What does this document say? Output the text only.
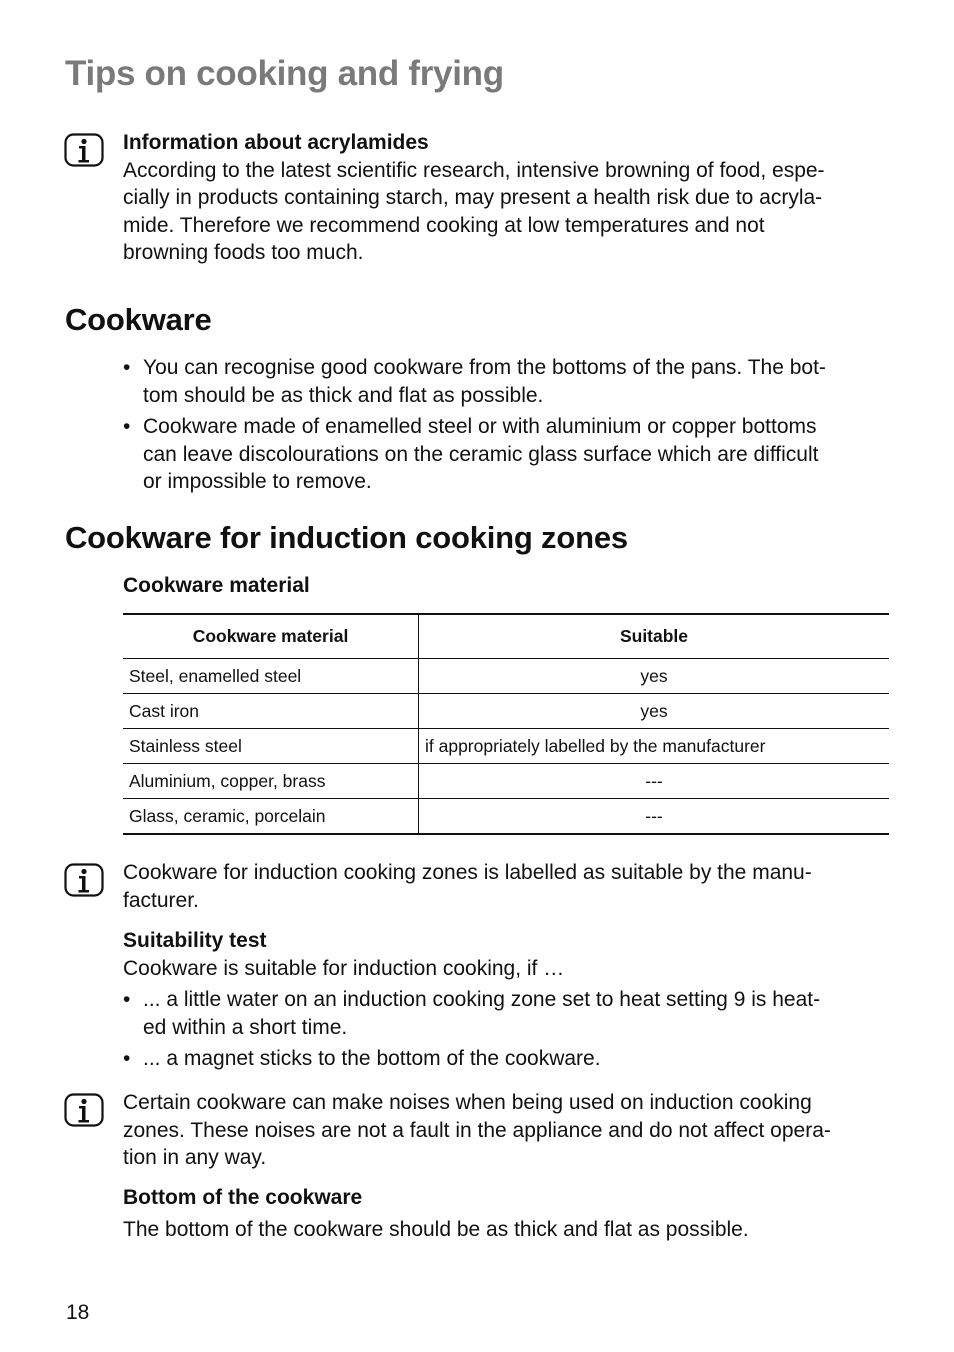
Tips on cooking and frying
Information about acrylamides
According to the latest scientific research, intensive browning of food, espe-
cially in products containing starch, may present a health risk due to acryla-
mide. Therefore we recommend cooking at low temperatures and not
browning foods too much.
Cookware
• You can recognise good cookware from the bottoms of the pans. The bot-
tom should be as thick and flat as possible.
• Cookware made of enamelled steel or with aluminium or copper bottoms
can leave discolourations on the ceramic glass surface which are difficult
or impossible to remove.
Cookware for induction cooking zones
Cookware material
Cookware material	Suitable
Steel, enamelled steel	yes
Cast iron	yes
Stainless steel	if appropriately labelled by the manufacturer
Aluminium, copper, brass	---
Glass, ceramic, porcelain	---
Cookware for induction cooking zones is labelled as suitable by the manu-
facturer.
Suitability test
Cookware is suitable for induction cooking, if …
• ... a little water on an induction cooking zone set to heat setting 9 is heat-
ed within a short time.
• ... a magnet sticks to the bottom of the cookware.
Certain cookware can make noises when being used on induction cooking
zones. These noises are not a fault in the appliance and do not affect opera-
tion in any way.
Bottom of the cookware
The bottom of the cookware should be as thick and flat as possible.
18
